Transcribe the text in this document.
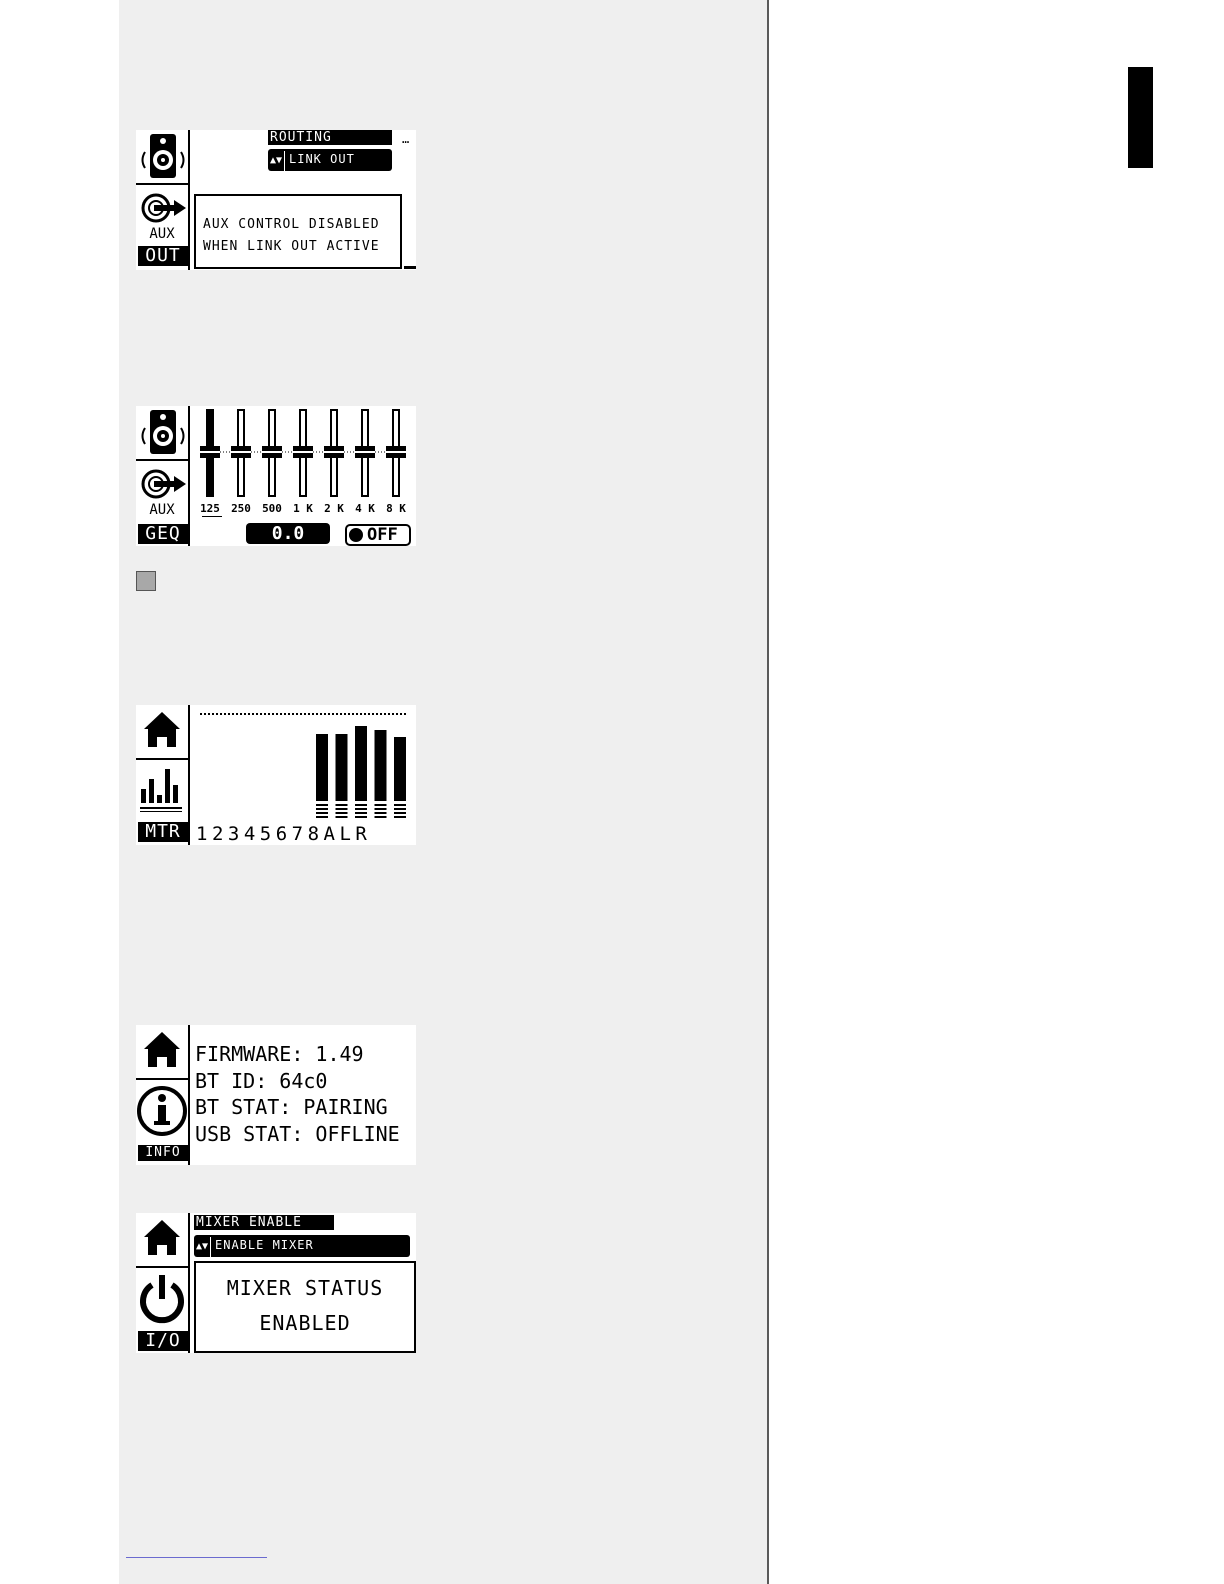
AUX
OUT
ROUTING	…
▲▼ LINK OUT
AUX CONTROL DISABLED
WHEN LINK OUT ACTIVE
AUX
GEQ	0.0	OFF
125	250	500	1 K	2 K	4 K	8 K
MTR 12345678ALR
INFO
FIRMWARE: 1.49
BT ID: 64c0
BT STAT: PAIRING
USB STAT: OFFLINE
I/O
MIXER ENABLE
▲▼ ENABLE MIXER
MIXER STATUS
ENABLED
